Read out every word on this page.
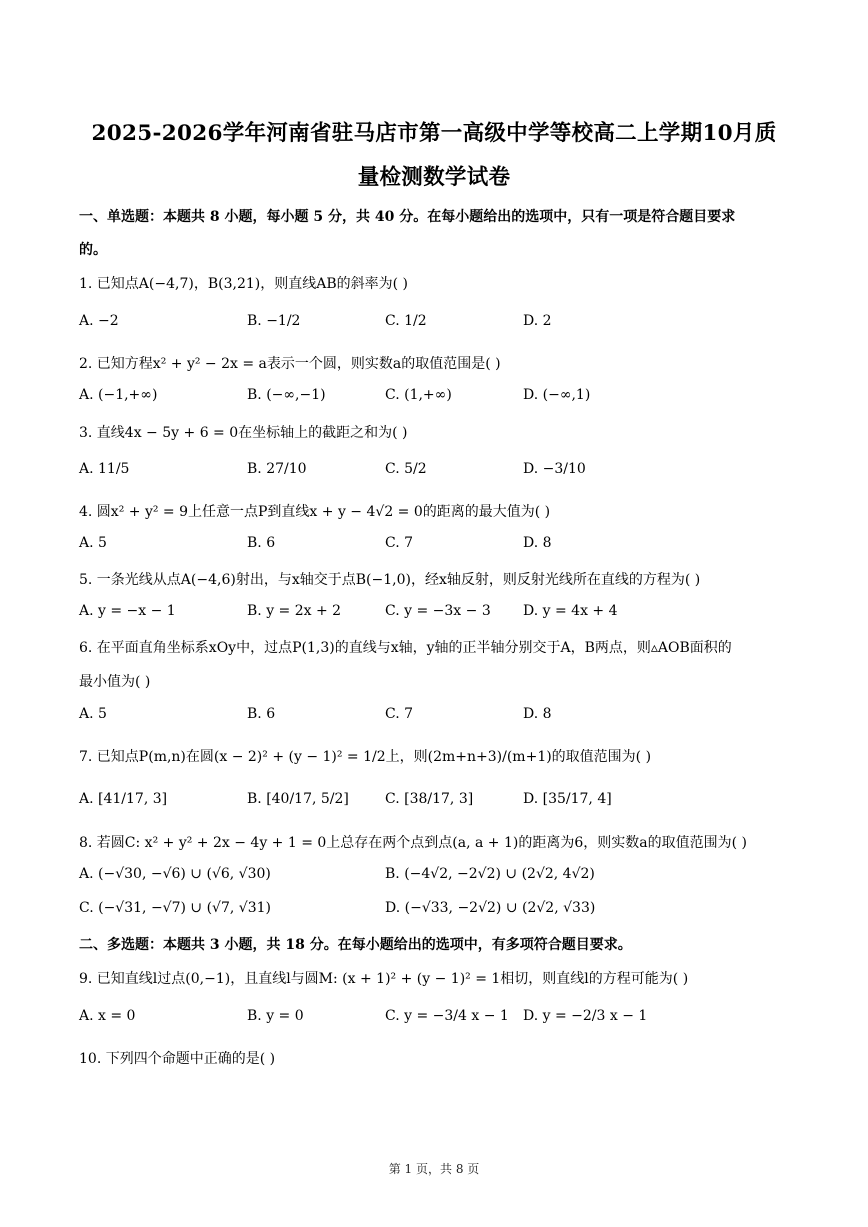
2025-2026学年河南省驻马店市第一高级中学等校高二上学期10月质
量检测数学试卷
一、单选题：本题共 8 小题，每小题 5 分，共 40 分。在每小题给出的选项中，只有一项是符合题目要求
的。
1. 已知点A(−4,7)，B(3,21)，则直线AB的斜率为( )
A. −2	B. −1/2	C. 1/2	D. 2
2. 已知方程x² + y² − 2x = a表示一个圆，则实数a的取值范围是( )
A. (−1,+∞)	B. (−∞,−1)	C. (1,+∞)	D. (−∞,1)
3. 直线4x − 5y + 6 = 0在坐标轴上的截距之和为( )
A. 11/5	B. 27/10	C. 5/2	D. −3/10
4. 圆x² + y² = 9上任意一点P到直线x + y − 4√2 = 0的距离的最大值为( )
A. 5	B. 6	C. 7	D. 8
5. 一条光线从点A(−4,6)射出，与x轴交于点B(−1,0)，经x轴反射，则反射光线所在直线的方程为( )
A. y = −x − 1	B. y = 2x + 2	C. y = −3x − 3 D. y = 4x + 4
6. 在平面直角坐标系xOy中，过点P(1,3)的直线与x轴，y轴的正半轴分别交于A，B两点，则▵AOB面积的
最小值为( )
A. 5	B. 6	C. 7	D. 8
7. 已知点P(m,n)在圆(x − 2)² + (y − 1)² = 1/2上，则(2m+n+3)/(m+1)的取值范围为( )
A. [41/17, 3]	B. [40/17, 5/2]	C. [38/17, 3]	D. [35/17, 4]
8. 若圆C: x² + y² + 2x − 4y + 1 = 0上总存在两个点到点(a, a + 1)的距离为6，则实数a的取值范围为( )
A. (−√30, −√6) ∪ (√6, √30)	B. (−4√2, −2√2) ∪ (2√2, 4√2)
C. (−√31, −√7) ∪ (√7, √31)	D. (−√33, −2√2) ∪ (2√2, √33)
二、多选题：本题共 3 小题，共 18 分。在每小题给出的选项中，有多项符合题目要求。
9. 已知直线l过点(0,−1)，且直线l与圆M: (x + 1)² + (y − 1)² = 1相切，则直线l的方程可能为( )
A. x = 0	B. y = 0	C. y = −3/4 x − 1 D. y = −2/3 x − 1
10. 下列四个命题中正确的是( )
第 1 页，共 8 页
